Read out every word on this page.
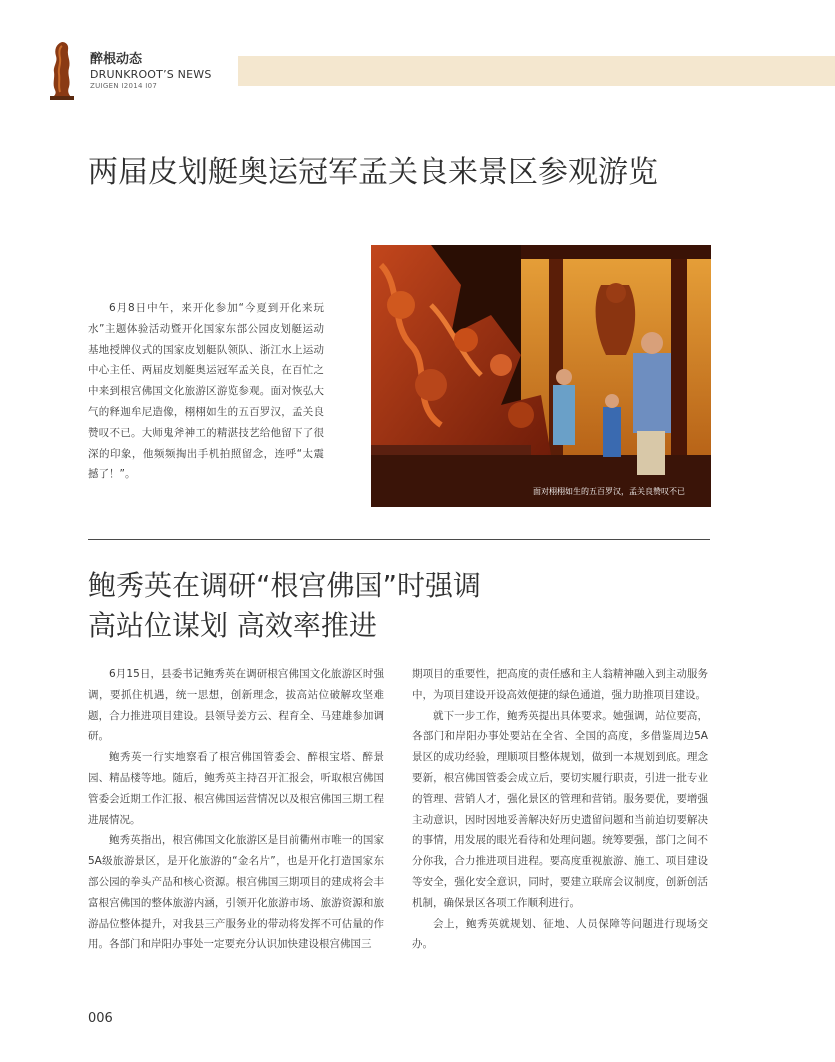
醉根动态
DRUNKROOT’S NEWS
ZUIGEN I2014 I07
两届皮划艇奥运冠军孟关良来景区参观游览

6月8日中午，来开化参加“今夏到开化来玩水”主题体验活动暨开化国家东部公园皮划艇运动基地授牌仪式的国家皮划艇队领队、浙江水上运动中心主任、两届皮划艇奥运冠军孟关良，在百忙之中来到根宫佛国文化旅游区游览参观。面对恢弘大气的释迦牟尼造像，栩栩如生的五百罗汉，孟关良赞叹不已。大师鬼斧神工的精湛技艺给他留下了很深的印象，他频频掏出手机拍照留念，连呼“太震撼了！”。

面对栩栩如生的五百罗汉，孟关良赞叹不已
鲍秀英在调研“根宫佛国”时强调
高站位谋划 高效率推进

6月15日，县委书记鲍秀英在调研根宫佛国文化旅游区时强调，要抓住机遇，统一思想，创新理念，拔高站位破解攻坚难题，合力推进项目建设。县领导姜方云、程育全、马建雄参加调研。

鲍秀英一行实地察看了根宫佛国管委会、醉根宝塔、醉景园、精品楼等地。随后，鲍秀英主持召开汇报会，听取根宫佛国管委会近期工作汇报、根宫佛国运营情况以及根宫佛国三期工程进展情况。

鲍秀英指出，根宫佛国文化旅游区是目前衢州市唯一的国家5A级旅游景区，是开化旅游的“金名片”，也是开化打造国家东部公园的拳头产品和核心资源。根宫佛国三期项目的建成将会丰富根宫佛国的整体旅游内涵，引领开化旅游市场、旅游资源和旅游品位整体提升，对我县三产服务业的带动将发挥不可估量的作用。各部门和岸阳办事处一定要充分认识加快建设根宫佛国三

期项目的重要性，把高度的责任感和主人翁精神融入到主动服务中，为项目建设开设高效便捷的绿色通道，强力助推项目建设。

就下一步工作，鲍秀英提出具体要求。她强调，站位要高，各部门和岸阳办事处要站在全省、全国的高度，多借鉴周边5A景区的成功经验，理顺项目整体规划，做到一本规划到底。理念要新，根宫佛国管委会成立后，要切实履行职责，引进一批专业的管理、营销人才，强化景区的管理和营销。服务要优，要增强主动意识，因时因地妥善解决好历史遗留问题和当前迫切要解决的事情，用发展的眼光看待和处理问题。统筹要强，部门之间不分你我，合力推进项目进程。要高度重视旅游、施工、项目建设等安全，强化安全意识，同时，要建立联席会议制度，创新创活机制，确保景区各项工作顺利进行。

会上，鲍秀英就规划、征地、人员保障等问题进行现场交办。

006
